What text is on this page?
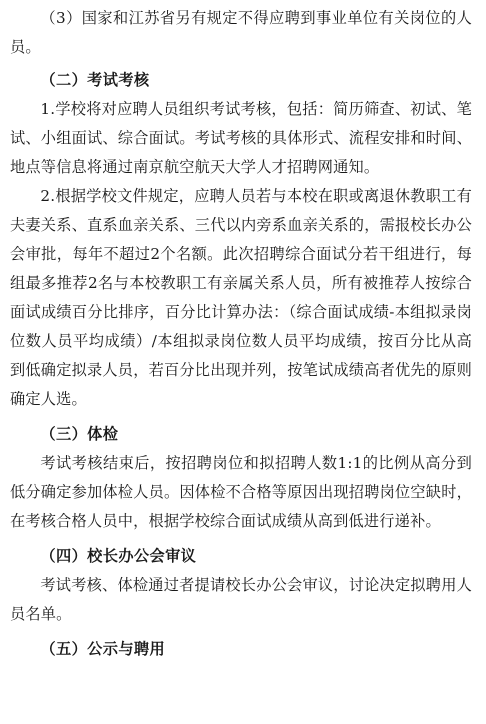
（3）国家和江苏省另有规定不得应聘到事业单位有关岗位的人员。

（二）考试考核

1.学校将对应聘人员组织考试考核，包括：简历筛查、初试、笔试、小组面试、综合面试。考试考核的具体形式、流程安排和时间、地点等信息将通过南京航空航天大学人才招聘网通知。

2.根据学校文件规定，应聘人员若与本校在职或离退休教职工有夫妻关系、直系血亲关系、三代以内旁系血亲关系的，需报校长办公会审批，每年不超过2个名额。此次招聘综合面试分若干组进行，每组最多推荐2名与本校教职工有亲属关系人员，所有被推荐人按综合面试成绩百分比排序，百分比计算办法：（综合面试成绩-本组拟录岗位数人员平均成绩）/本组拟录岗位数人员平均成绩，按百分比从高到低确定拟录人员，若百分比出现并列，按笔试成绩高者优先的原则确定人选。

（三）体检

考试考核结束后，按招聘岗位和拟招聘人数1:1的比例从高分到低分确定参加体检人员。因体检不合格等原因出现招聘岗位空缺时，在考核合格人员中，根据学校综合面试成绩从高到低进行递补。

（四）校长办公会审议

考试考核、体检通过者提请校长办公会审议，讨论决定拟聘用人员名单。

（五）公示与聘用
